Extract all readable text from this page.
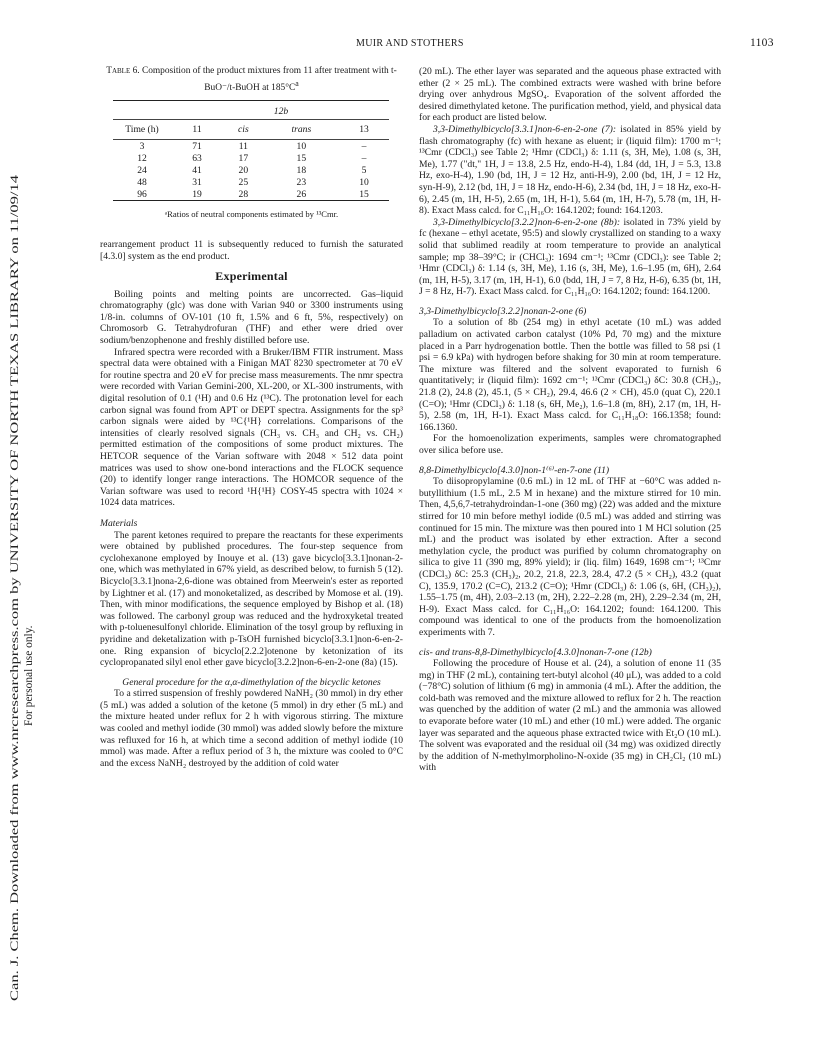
MUIR AND STOTHERS	1103
Can. J. Chem. Downloaded from www.nrcresearchpress.com by UNIVERSITY OF NORTH TEXAS LIBRARY on 11/09/14 For personal use only.
Table 6. Composition of the product mixtures from 11 after treatment with t-BuO⁻/t-BuOH at $185^\circ C^a$

		12b		

Time (h)	11	cis	trans	13

3	71	11	10	–
12	63	17	15	–
24	41	20	18	5
48	31	25	23	10
96	19	28	26	15

ᵃRatios of neutral components estimated by ¹³Cmr.

rearrangement product 11 is subsequently reduced to furnish the saturated [4.3.0] system as the end product.

Experimental

Boiling points and melting points are uncorrected. Gas–liquid chromatography (glc) was done with Varian 940 or 3300 instruments using 1/8-in. columns of OV-101 (10 ft, 1.5% and 6 ft, 5%, respectively) on Chromosorb G. Tetrahydrofuran (THF) and ether were dried over sodium/benzophenone and freshly distilled before use.

Infrared spectra were recorded with a Bruker/IBM FTIR instrument. Mass spectral data were obtained with a Finigan MAT 8230 spectrometer at 70 eV for routine spectra and 20 eV for precise mass measurements. The nmr spectra were recorded with Varian Gemini-200, XL-200, or XL-300 instruments, with digital resolution of 0.1 (¹H) and 0.6 Hz (¹³C). The protonation level for each carbon signal was found from APT or DEPT spectra. Assignments for the sp³ carbon signals were aided by ¹³C{¹H} correlations. Comparisons of the intensities of clearly resolved signals (CH₃ vs. CH₃ and CH₂ vs. CH₂) permitted estimation of the compositions of some product mixtures. The HETCOR sequence of the Varian software with 2048 × 512 data point matrices was used to show one-bond interactions and the FLOCK sequence (20) to identify longer range interactions. The HOMCOR sequence of the Varian software was used to record ¹H{¹H} COSY-45 spectra with 1024 × 1024 data matrices.

Materials

The parent ketones required to prepare the reactants for these experiments were obtained by published procedures. The four-step sequence from cyclohexanone employed by Inouye et al. (13) gave bicyclo[3.3.1]nonan-2-one, which was methylated in 67% yield, as described below, to furnish 5 (12). Bicyclo[3.3.1]nona-2,6-dione was obtained from Meerwein's ester as reported by Lightner et al. (17) and monoketalized, as described by Momose et al. (19). Then, with minor modifications, the sequence employed by Bishop et al. (18) was followed. The carbonyl group was reduced and the hydroxyketal treated with p-toluenesulfonyl chloride. Elimination of the tosyl group by refluxing in pyridine and deketalization with p-TsOH furnished bicyclo[3.3.1]non-6-en-2-one. Ring expansion of bicyclo[2.2.2]otenone by ketonization of its cyclopropanated silyl enol ether gave bicyclo[3.2.2]non-6-en-2-one (8a) (15).

General procedure for the α,α-dimethylation of the bicyclic ketones

To a stirred suspension of freshly powdered NaNH₂ (30 mmol) in dry ether (5 mL) was added a solution of the ketone (5 mmol) in dry ether (5 mL) and the mixture heated under reflux for 2 h with vigorous stirring. The mixture was cooled and methyl iodide (30 mmol) was added slowly before the mixture was refluxed for 16 h, at which time a second addition of methyl iodide (10 mmol) was made. After a reflux period of 3 h, the mixture was cooled to 0°C and the excess NaNH₂ destroyed by the addition of cold water

(20 mL). The ether layer was separated and the aqueous phase extracted with ether (2 × 25 mL). The combined extracts were washed with brine before drying over anhydrous MgSO₄. Evaporation of the solvent afforded the desired dimethylated ketone. The purification method, yield, and physical data for each product are listed below.

3,3-Dimethylbicyclo[3.3.1]non-6-en-2-one (7): isolated in 85% yield by flash chromatography (fc) with hexane as eluent; ir (liquid film): 1700 m⁻¹; ¹³Cmr (CDCl₃) see Table 2; ¹Hmr (CDCl₃) δ: 1.11 (s, 3H, Me), 1.08 (s, 3H, Me), 1.77 ("dt," 1H, J = 13.8, 2.5 Hz, endo-H-4), 1.84 (dd, 1H, J = 5.3, 13.8 Hz, exo-H-4), 1.90 (bd, 1H, J = 12 Hz, anti-H-9), 2.00 (bd, 1H, J = 12 Hz, syn-H-9), 2.12 (bd, 1H, J = 18 Hz, endo-H-6), 2.34 (bd, 1H, J = 18 Hz, exo-H-6), 2.45 (m, 1H, H-5), 2.65 (m, 1H, H-1), 5.64 (m, 1H, H-7), 5.78 (m, 1H, H-8). Exact Mass calcd. for C₁₁H₁₆O: 164.1202; found: 164.1203.

3,3-Dimethylbicyclo[3.2.2]non-6-en-2-one (8b): isolated in 73% yield by fc (hexane – ethyl acetate, 95:5) and slowly crystallized on standing to a waxy solid that sublimed readily at room temperature to provide an analytical sample; mp 38–39°C; ir (CHCl₃): 1694 cm⁻¹; ¹³Cmr (CDCl₃): see Table 2; ¹Hmr (CDCl₃) δ: 1.14 (s, 3H, Me), 1.16 (s, 3H, Me), 1.6–1.95 (m, 6H), 2.64 (m, 1H, H-5), 3.17 (m, 1H, H-1), 6.0 (bdd, 1H, J = 7, 8 Hz, H-6), 6.35 (bt, 1H, J = 8 Hz, H-7). Exact Mass calcd. for C₁₁H₁₆O: 164.1202; found: 164.1200.

3,3-Dimethylbicyclo[3.2.2]nonan-2-one (6)

To a solution of 8b (254 mg) in ethyl acetate (10 mL) was added palladium on activated carbon catalyst (10% Pd, 70 mg) and the mixture placed in a Parr hydrogenation bottle. Then the bottle was filled to 58 psi (1 psi = 6.9 kPa) with hydrogen before shaking for 30 min at room temperature. The mixture was filtered and the solvent evaporated to furnish 6 quantitatively; ir (liquid film): 1692 cm⁻¹; ¹³Cmr (CDCl₃) δC: 30.8 (CH₃)₂, 21.8 (2), 24.8 (2), 45.1, (5 × CH₂), 29.4, 46.6 (2 × CH), 45.0 (quat C), 220.1 (C=O); ¹Hmr (CDCl₃) δ: 1.18 (s, 6H, Me₂), 1.6–1.8 (m, 8H), 2.17 (m, 1H, H-5), 2.58 (m, 1H, H-1). Exact Mass calcd. for C₁₁H₁₈O: 166.1358; found: 166.1360.

For the homoenolization experiments, samples were chromatographed over silica before use.

8,8-Dimethylbicyclo[4.3.0]non-1⁽⁶⁾-en-7-one (11)

To diisopropylamine (0.6 mL) in 12 mL of THF at −60°C was added n-butyllithium (1.5 mL, 2.5 M in hexane) and the mixture stirred for 10 min. Then, 4,5,6,7-tetrahydroindan-1-one (360 mg) (22) was added and the mixture stirred for 10 min before methyl iodide (0.5 mL) was added and stirring was continued for 15 min. The mixture was then poured into 1 M HCl solution (25 mL) and the product was isolated by ether extraction. After a second methylation cycle, the product was purified by column chromatography on silica to give 11 (390 mg, 89% yield); ir (liq. film) 1649, 1698 cm⁻¹; ¹³Cmr (CDCl₃) δC: 25.3 (CH₃)₂, 20.2, 21.8, 22.3, 28.4, 47.2 (5 × CH₂), 43.2 (quat C), 135.9, 170.2 (C=C), 213.2 (C=O); ¹Hmr (CDCl₃) δ: 1.06 (s, 6H, (CH₃)₂), 1.55–1.75 (m, 4H), 2.03–2.13 (m, 2H), 2.22–2.28 (m, 2H), 2.29–2.34 (m, 2H, H-9). Exact Mass calcd. for C₁₁H₁₆O: 164.1202; found: 164.1200. This compound was identical to one of the products from the homoenolization experiments with 7.

cis- and trans-8,8-Dimethylbicyclo[4.3.0]nonan-7-one (12b)

Following the procedure of House et al. (24), a solution of enone 11 (35 mg) in THF (2 mL), containing tert-butyl alcohol (40 μL), was added to a cold (−78°C) solution of lithium (6 mg) in ammonia (4 mL). After the addition, the cold-bath was removed and the mixture allowed to reflux for 2 h. The reaction was quenched by the addition of water (2 mL) and the ammonia was allowed to evaporate before water (10 mL) and ether (10 mL) were added. The organic layer was separated and the aqueous phase extracted twice with Et₂O (10 mL). The solvent was evaporated and the residual oil (34 mg) was oxidized directly by the addition of N-methylmorpholino-N-oxide (35 mg) in CH₂Cl₂ (10 mL) with
